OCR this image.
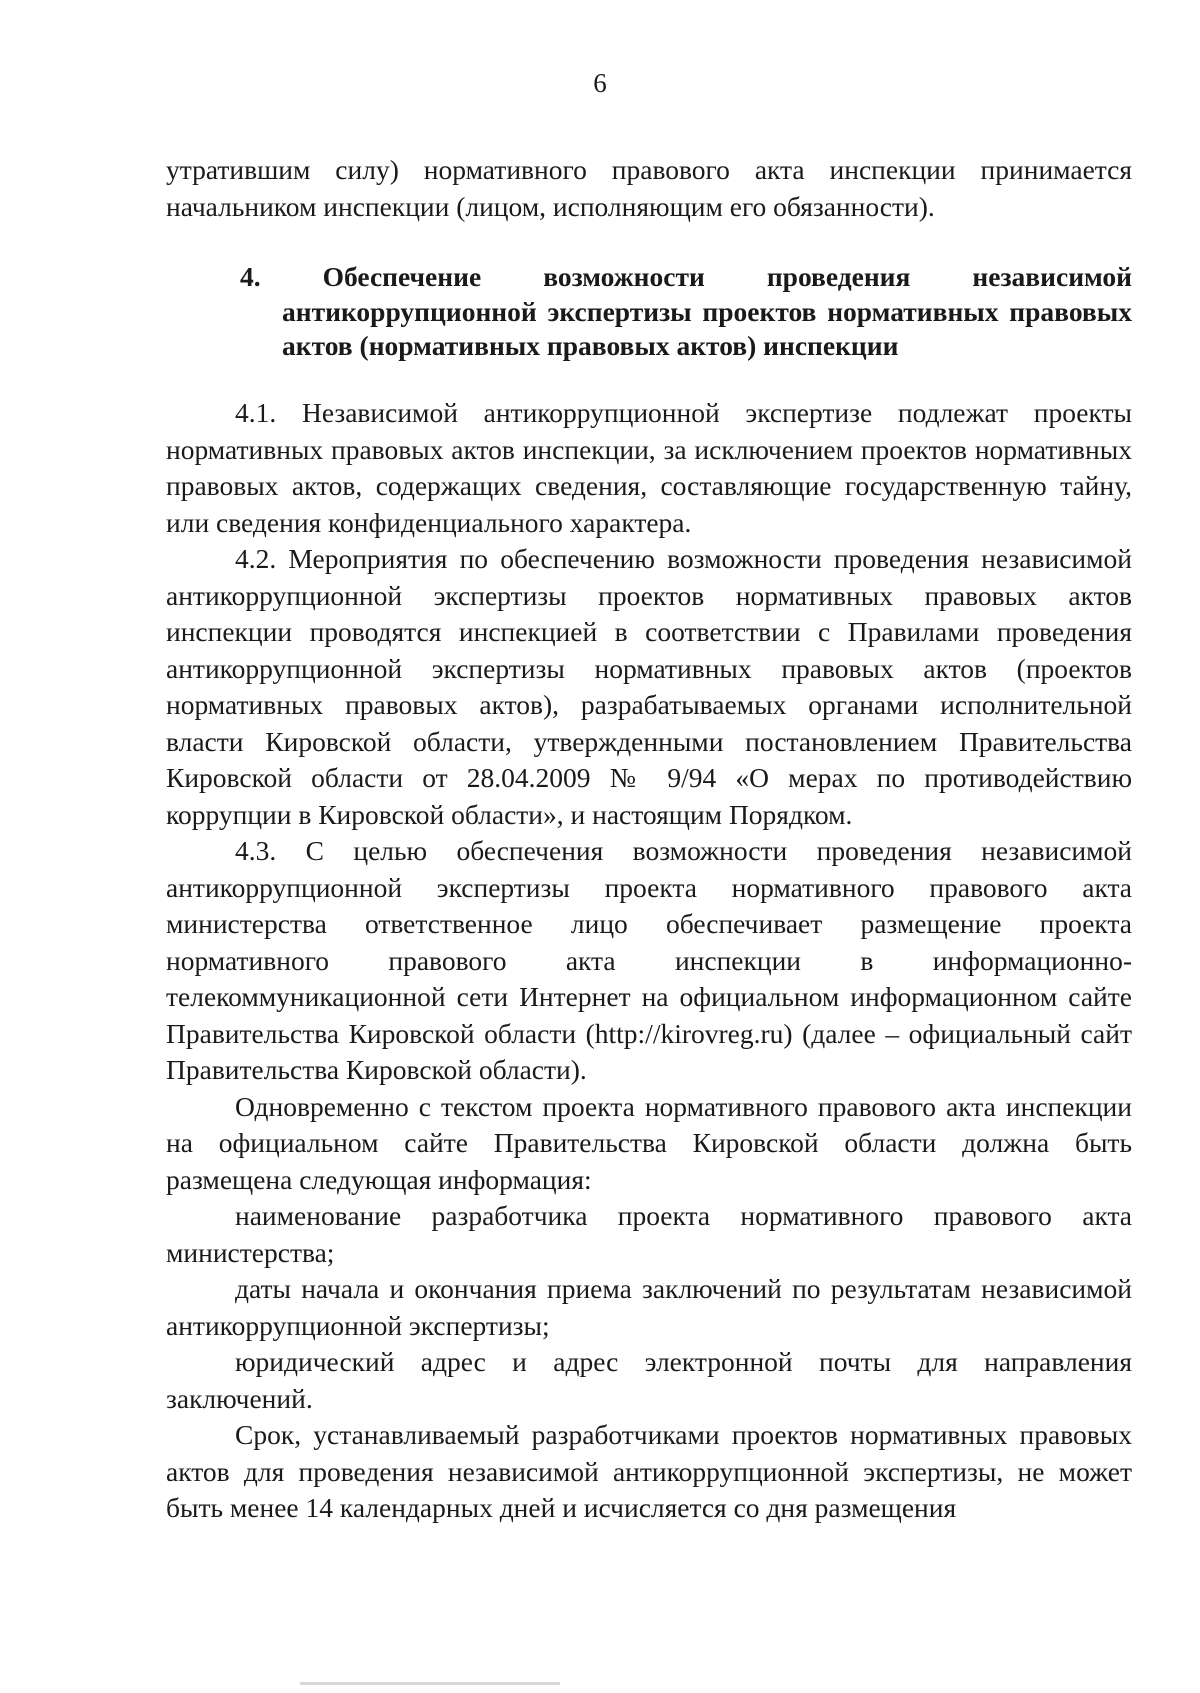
6

утратившим силу) нормативного правового акта инспекции принимается начальником инспекции (лицом, исполняющим его обязанности).

4. Обеспечение возможности проведения независимой
антикоррупционной экспертизы проектов нормативных правовых актов (нормативных правовых актов) инспекции

4.1. Независимой антикоррупционной экспертизе подлежат проекты нормативных правовых актов инспекции, за исключением проектов нормативных правовых актов, содержащих сведения, составляющие государственную тайну, или сведения конфиденциального характера.

4.2. Мероприятия по обеспечению возможности проведения независимой антикоррупционной экспертизы проектов нормативных правовых актов инспекции проводятся инспекцией в соответствии с Правилами проведения антикоррупционной экспертизы нормативных правовых актов (проектов нормативных правовых актов), разрабатываемых органами исполнительной власти Кировской области, утвержденными постановлением Правительства Кировской области от 28.04.2009 № 9/94 «О мерах по противодействию коррупции в Кировской области», и настоящим Порядком.

4.3. С целью обеспечения возможности проведения независимой антикоррупционной экспертизы проекта нормативного правового акта министерства ответственное лицо обеспечивает размещение проекта нормативного правового акта инспекции в информационно-телекоммуникационной сети Интернет на официальном информационном сайте Правительства Кировской области (http://kirovreg.ru) (далее – официальный сайт Правительства Кировской области).

Одновременно с текстом проекта нормативного правового акта инспекции на официальном сайте Правительства Кировской области должна быть размещена следующая информация:

наименование разработчика проекта нормативного правового акта министерства;

даты начала и окончания приема заключений по результатам независимой антикоррупционной экспертизы;

юридический адрес и адрес электронной почты для направления заключений.

Срок, устанавливаемый разработчиками проектов нормативных правовых актов для проведения независимой антикоррупционной экспертизы, не может быть менее 14 календарных дней и исчисляется со дня размещения
